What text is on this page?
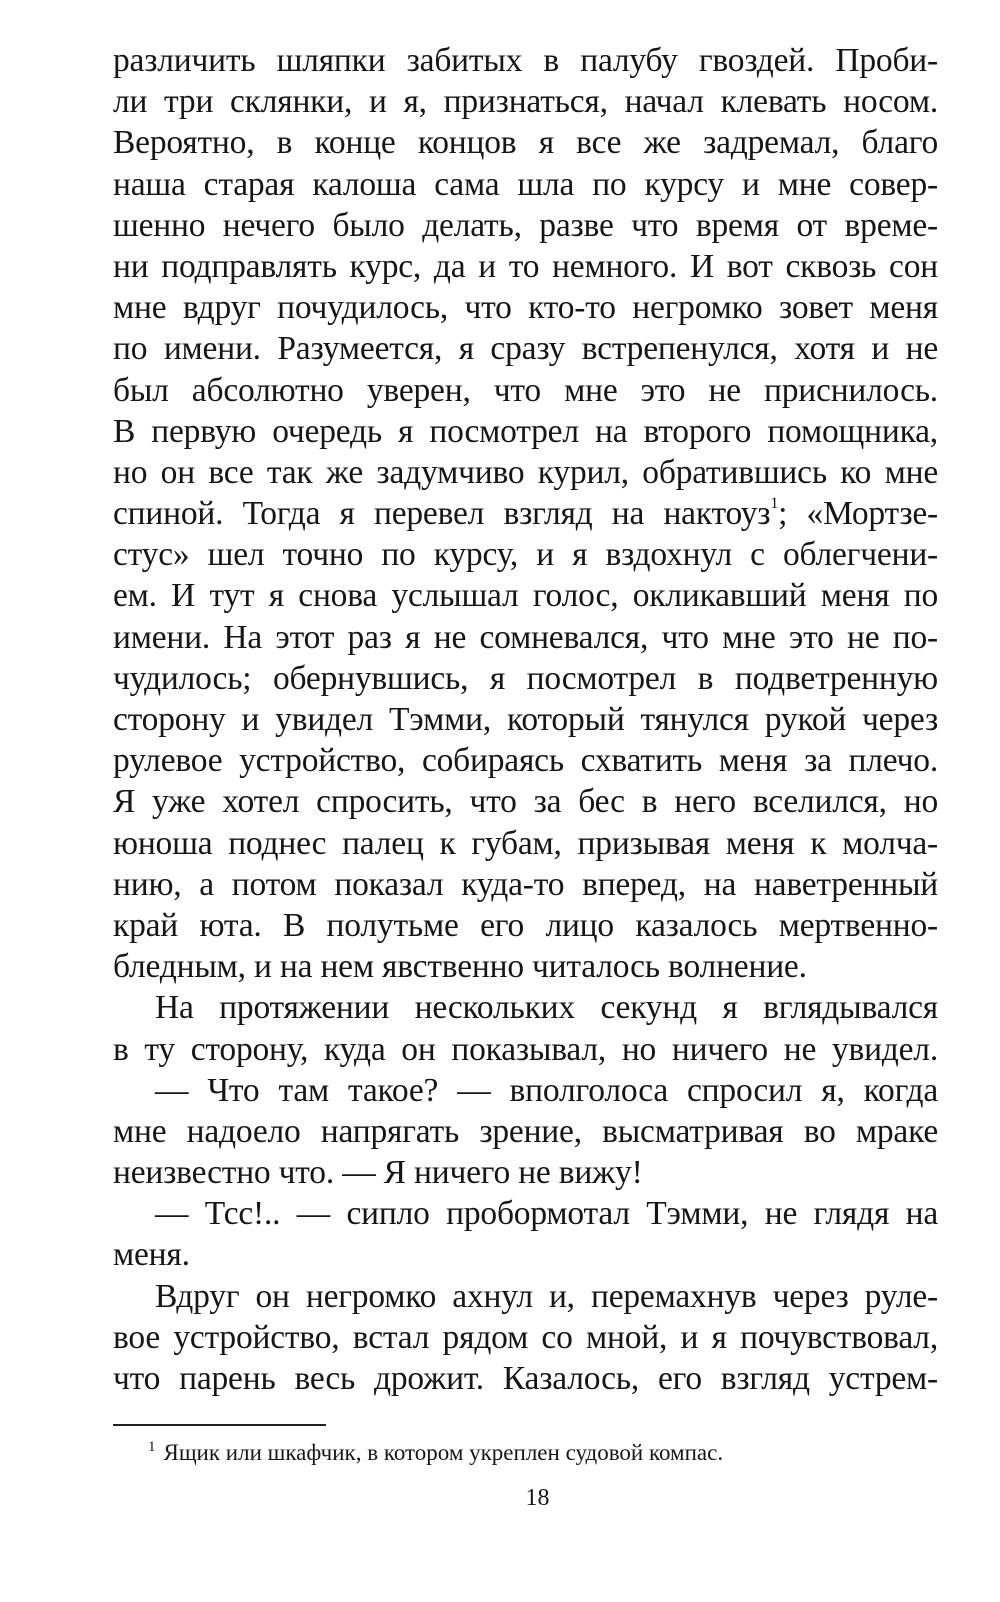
различить шляпки забитых в палубу гвоздей. Проби-
ли три склянки, и я, признаться, начал клевать носом.
Вероятно, в конце концов я все же задремал, благо
наша старая калоша сама шла по курсу и мне совер-
шенно нечего было делать, разве что время от време-
ни подправлять курс, да и то немного. И вот сквозь сон
мне вдруг почудилось, что кто-то негромко зовет меня
по имени. Разумеется, я сразу встрепенулся, хотя и не
был абсолютно уверен, что мне это не приснилось.
В первую очередь я посмотрел на второго помощника,
но он все так же задумчиво курил, обратившись ко мне
спиной. Тогда я перевел взгляд на нактоуз$^1$; «Мортзе-
стус» шел точно по курсу, и я вздохнул с облегчени-
ем. И тут я снова услышал голос, окликавший меня по
имени. На этот раз я не сомневался, что мне это не по-
чудилось; обернувшись, я посмотрел в подветренную
сторону и увидел Тэмми, который тянулся рукой через
рулевое устройство, собираясь схватить меня за плечо.
Я уже хотел спросить, что за бес в него вселился, но
юноша поднес палец к губам, призывая меня к молча-
нию, а потом показал куда-то вперед, на наветренный
край юта. В полутьме его лицо казалось мертвенно-
бледным, и на нем явственно читалось волнение.
На протяжении нескольких секунд я вглядывался
в ту сторону, куда он показывал, но ничего не увидел.
— Что там такое? — вполголоса спросил я, когда
мне надоело напрягать зрение, высматривая во мраке
неизвестно что. — Я ничего не вижу!
— Тсс!.. — сипло пробормотал Тэмми, не глядя на
меня.
Вдруг он негромко ахнул и, перемахнув через руле-
вое устройство, встал рядом со мной, и я почувствовал,
что парень весь дрожит. Казалось, его взгляд устрем-
$^1$ Ящик или шкафчик, в котором укреплен судовой компас.
18
